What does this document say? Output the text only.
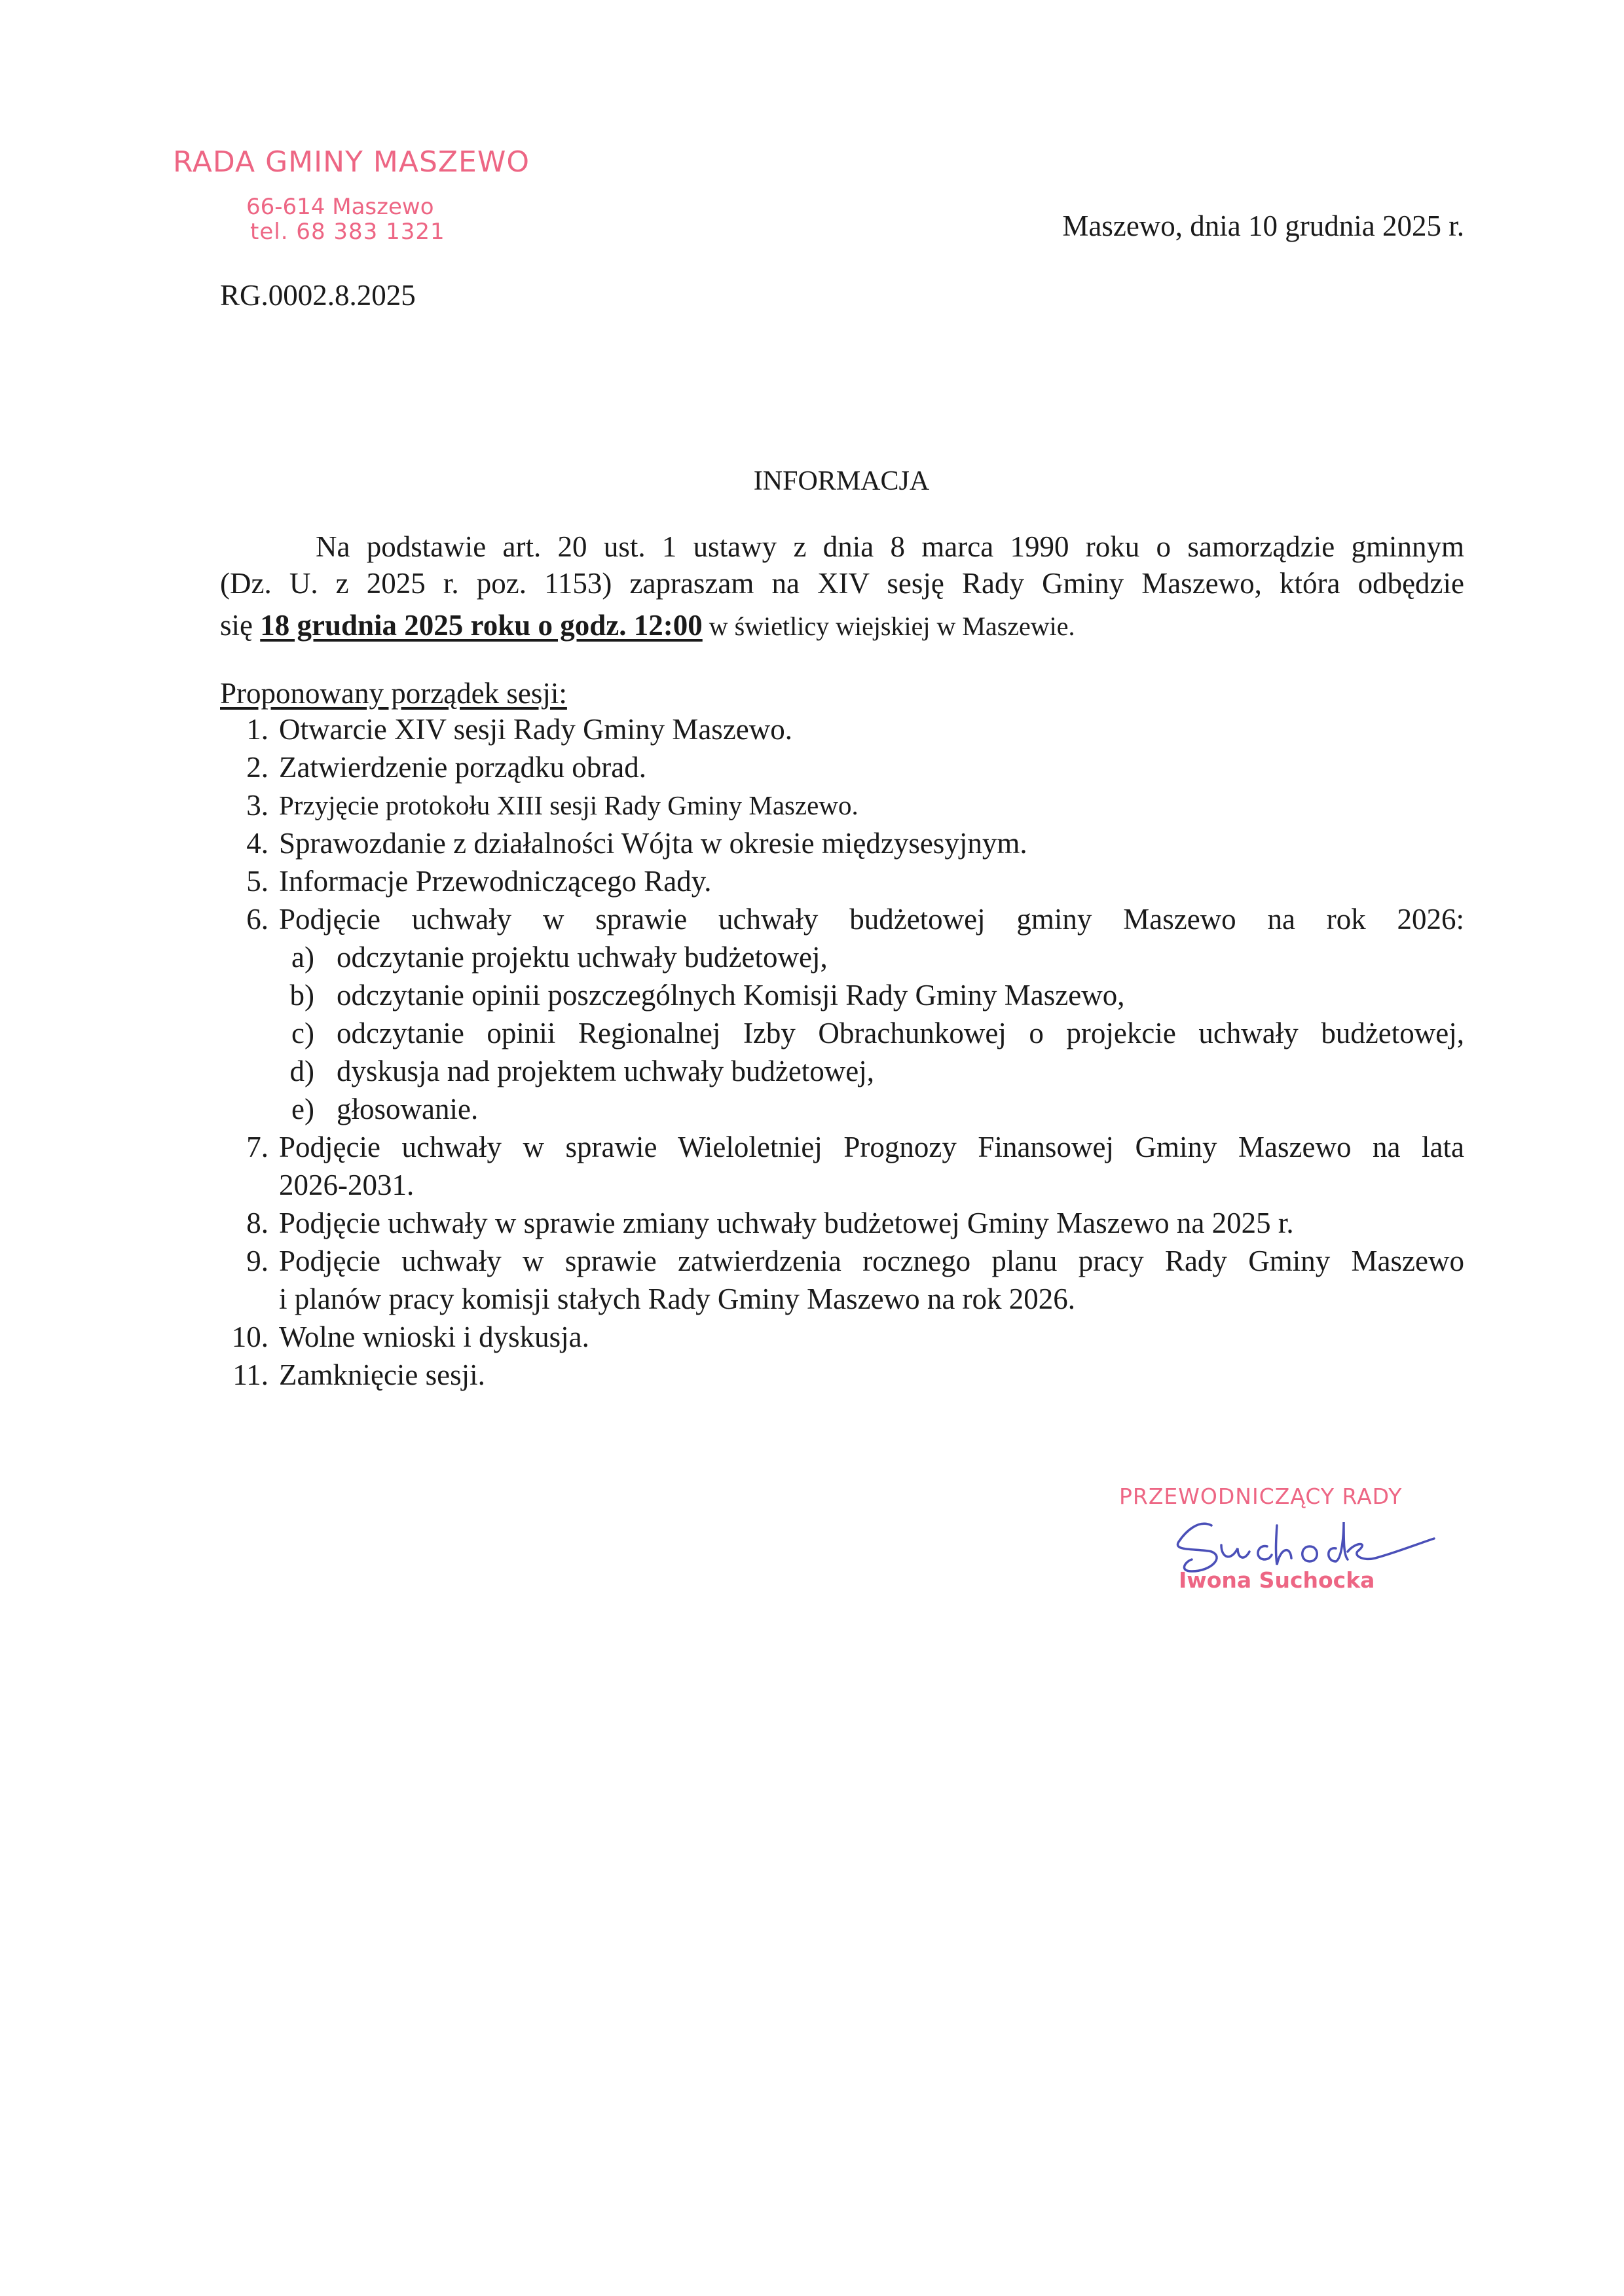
RADA GMINY MASZEWO
66-614 Maszewo
tel. 68 383 1321	Maszewo, dnia 10 grudnia 2025 r.
RG.0002.8.2025
INFORMACJA
Na podstawie art. 20 ust. 1 ustawy z dnia 8 marca 1990 roku o samorządzie gminnym
(Dz. U. z 2025 r. poz. 1153) zapraszam na XIV sesję Rady Gminy Maszewo, która odbędzie
się 18 grudnia 2025 roku o godz. 12:00 w świetlicy wiejskiej w Maszewie.
Proponowany porządek sesji:
1. Otwarcie XIV sesji Rady Gminy Maszewo.
2. Zatwierdzenie porządku obrad.
3. Przyjęcie protokołu XIII sesji Rady Gminy Maszewo.
4. Sprawozdanie z działalności Wójta w okresie międzysesyjnym.
5. Informacje Przewodniczącego Rady.
6. Podjęcie uchwały w sprawie uchwały budżetowej gminy Maszewo na rok 2026:
a) odczytanie projektu uchwały budżetowej,
b) odczytanie opinii poszczególnych Komisji Rady Gminy Maszewo,
c) odczytanie opinii Regionalnej Izby Obrachunkowej o projekcie uchwały budżetowej,
d) dyskusja nad projektem uchwały budżetowej,
e) głosowanie.
7. Podjęcie uchwały w sprawie Wieloletniej Prognozy Finansowej Gminy Maszewo na lata
2026-2031.
8. Podjęcie uchwały w sprawie zmiany uchwały budżetowej Gminy Maszewo na 2025 r.
9. Podjęcie uchwały w sprawie zatwierdzenia rocznego planu pracy Rady Gminy Maszewo
i planów pracy komisji stałych Rady Gminy Maszewo na rok 2026.
10. Wolne wnioski i dyskusja.
11. Zamknięcie sesji.
PRZEWODNICZĄCY RADY
Iwona Suchocka
